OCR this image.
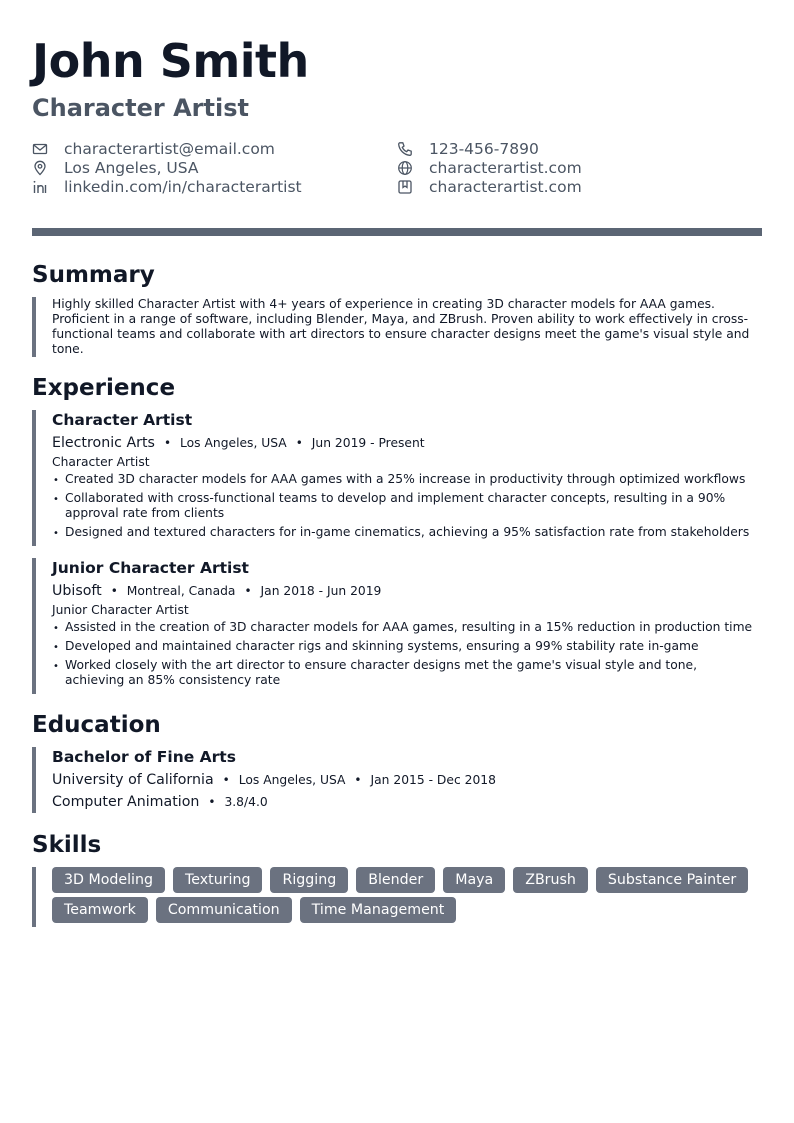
John Smith
Character Artist
characterartist@email.com
Los Angeles, USA
linkedin.com/in/characterartist
123-456-7890
characterartist.com
characterartist.com
Summary

Highly skilled Character Artist with 4+ years of experience in creating 3D character models for AAA games. Proficient in a range of software, including Blender, Maya, and ZBrush. Proven ability to work effectively in cross-functional teams and collaborate with art directors to ensure character designs meet the game's visual style and tone.

Experience
Character Artist
Electronic Arts • Los Angeles, USA • Jun 2019 - Present
Character Artist
• Created 3D character models for AAA games with a 25% increase in productivity through optimized workflows
• Collaborated with cross-functional teams to develop and implement character concepts, resulting in a 90% approval rate from clients
• Designed and textured characters for in-game cinematics, achieving a 95% satisfaction rate from stakeholders
Junior Character Artist
Ubisoft • Montreal, Canada • Jan 2018 - Jun 2019
Junior Character Artist
• Assisted in the creation of 3D character models for AAA games, resulting in a 15% reduction in production time
• Developed and maintained character rigs and skinning systems, ensuring a 99% stability rate in-game
• Worked closely with the art director to ensure character designs met the game's visual style and tone, achieving an 85% consistency rate
Education
Bachelor of Fine Arts
University of California • Los Angeles, USA • Jan 2015 - Dec 2018
Computer Animation • 3.8/4.0
Skills
3D Modeling	Texturing	Rigging	Blender	Maya	ZBrush	Substance Painter
Teamwork	Communication	Time Management
